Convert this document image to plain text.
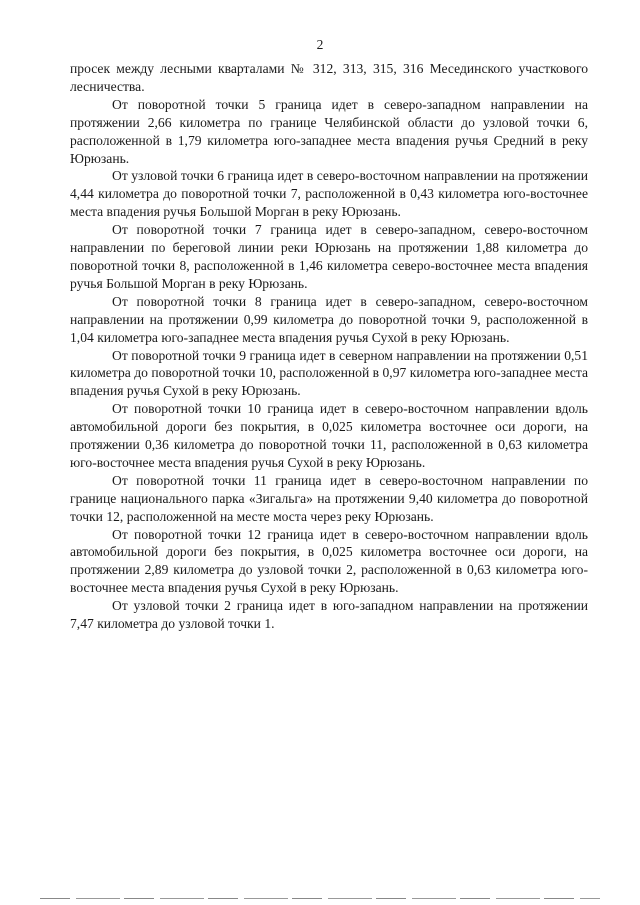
2

просек между лесными кварталами № 312, 313, 315, 316 Месединского участкового лесничества.

От поворотной точки 5 граница идет в северо-западном направлении на протяжении 2,66 километра по границе Челябинской области до узловой точки 6, расположенной в 1,79 километра юго-западнее места впадения ручья Средний в реку Юрюзань.

От узловой точки 6 граница идет в северо-восточном направлении на протяжении 4,44 километра до поворотной точки 7, расположенной в 0,43 километра юго-восточнее места впадения ручья Большой Морган в реку Юрюзань.

От поворотной точки 7 граница идет в северо-западном, северо-восточном направлении по береговой линии реки Юрюзань на протяжении 1,88 километра до поворотной точки 8, расположенной в 1,46 километра северо-восточнее места впадения ручья Большой Морган в реку Юрюзань.

От поворотной точки 8 граница идет в северо-западном, северо-восточном направлении на протяжении 0,99 километра до поворотной точки 9, расположенной в 1,04 километра юго-западнее места впадения ручья Сухой в реку Юрюзань.

От поворотной точки 9 граница идет в северном направлении на протяжении 0,51 километра до поворотной точки 10, расположенной в 0,97 километра юго-западнее места впадения ручья Сухой в реку Юрюзань.

От поворотной точки 10 граница идет в северо-восточном направлении вдоль автомобильной дороги без покрытия, в 0,025 километра восточнее оси дороги, на протяжении 0,36 километра до поворотной точки 11, расположенной в 0,63 километра юго-восточнее места впадения ручья Сухой в реку Юрюзань.

От поворотной точки 11 граница идет в северо-восточном направлении по границе национального парка «Зигальга» на протяжении 9,40 километра до поворотной точки 12, расположенной на месте моста через реку Юрюзань.

От поворотной точки 12 граница идет в северо-восточном направлении вдоль автомобильной дороги без покрытия, в 0,025 километра восточнее оси дороги, на протяжении 2,89 километра до узловой точки 2, расположенной в 0,63 километра юго-восточнее места впадения ручья Сухой в реку Юрюзань.

От узловой точки 2 граница идет в юго-западном направлении на протяжении 7,47 километра до узловой точки 1.
